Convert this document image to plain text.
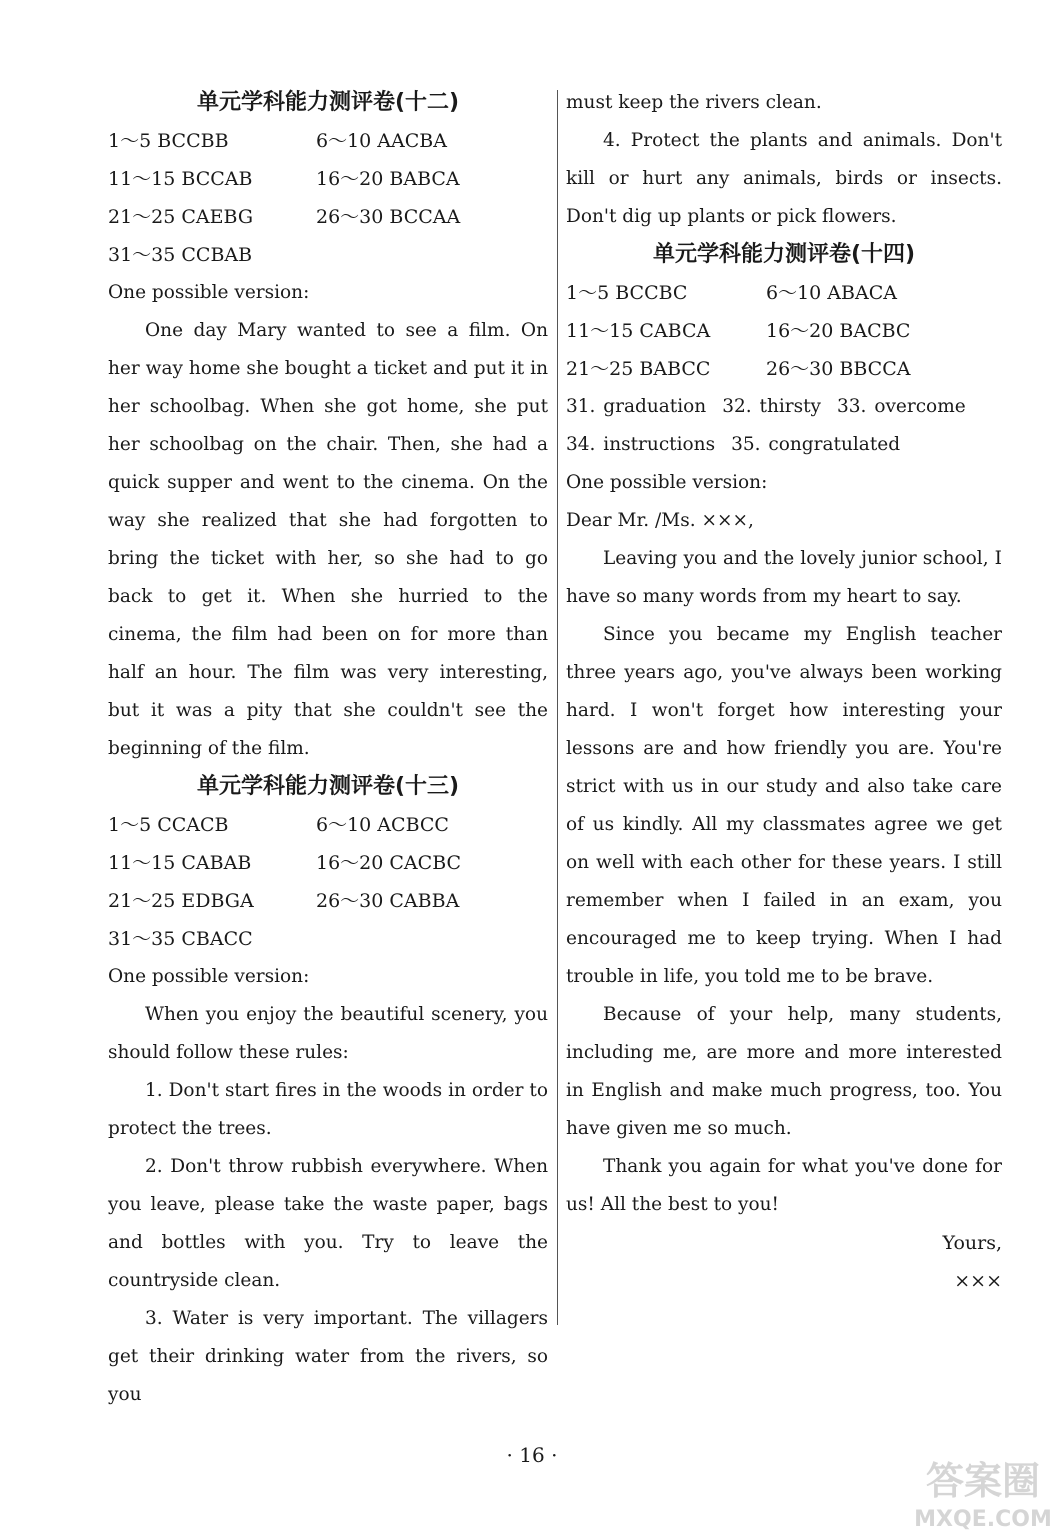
单元学科能力测评卷(十二)
1～5 BCCBB	6～10 AACBA
11～15 BCCAB	16～20 BABCA
21～25 CAEBG	26～30 BCCAA
31～35 CCBAB
One possible version:

One day Mary wanted to see a film. On her way home she bought a ticket and put it in her schoolbag. When she got home, she put her schoolbag on the chair. Then, she had a quick supper and went to the cinema. On the way she realized that she had forgotten to bring the ticket with her, so she had to go back to get it. When she hurried to the cinema, the film had been on for more than half an hour. The film was very interesting, but it was a pity that she couldn't see the beginning of the film.

单元学科能力测评卷(十三)
1～5 CCACB	6～10 ACBCC
11～15 CABAB	16～20 CACBC
21～25 EDBGA	26～30 CABBA
31～35 CBACC
One possible version:

When you enjoy the beautiful scenery, you should follow these rules:

1. Don't start fires in the woods in order to protect the trees.

2. Don't throw rubbish everywhere. When you leave, please take the waste paper, bags and bottles with you. Try to leave the countryside clean.

3. Water is very important. The villagers get their drinking water from the rivers, so you

must keep the rivers clean.

4. Protect the plants and animals. Don't kill or hurt any animals, birds or insects. Don't dig up plants or pick flowers.

单元学科能力测评卷(十四)
1～5 BCCBC	6～10 ABACA
11～15 CABCA	16～20 BACBC
21～25 BABCC	26～30 BBCCA

31. graduation 32. thirsty 33. overcome

34. instructions 35. congratulated

One possible version:
Dear Mr. /Ms. ×××,

Leaving you and the lovely junior school, I have so many words from my heart to say.

Since you became my English teacher three years ago, you've always been working hard. I won't forget how interesting your lessons are and how friendly you are. You're strict with us in our study and also take care of us kindly. All my classmates agree we get on well with each other for these years. I still remember when I failed in an exam, you encouraged me to keep trying. When I had trouble in life, you told me to be brave.

Because of your help, many students, including me, are more and more interested in English and make much progress, too. You have given me so much.

Thank you again for what you've done for us! All the best to you!

Yours,
×××
· 16 ·
答案圈
MXQE.COM
